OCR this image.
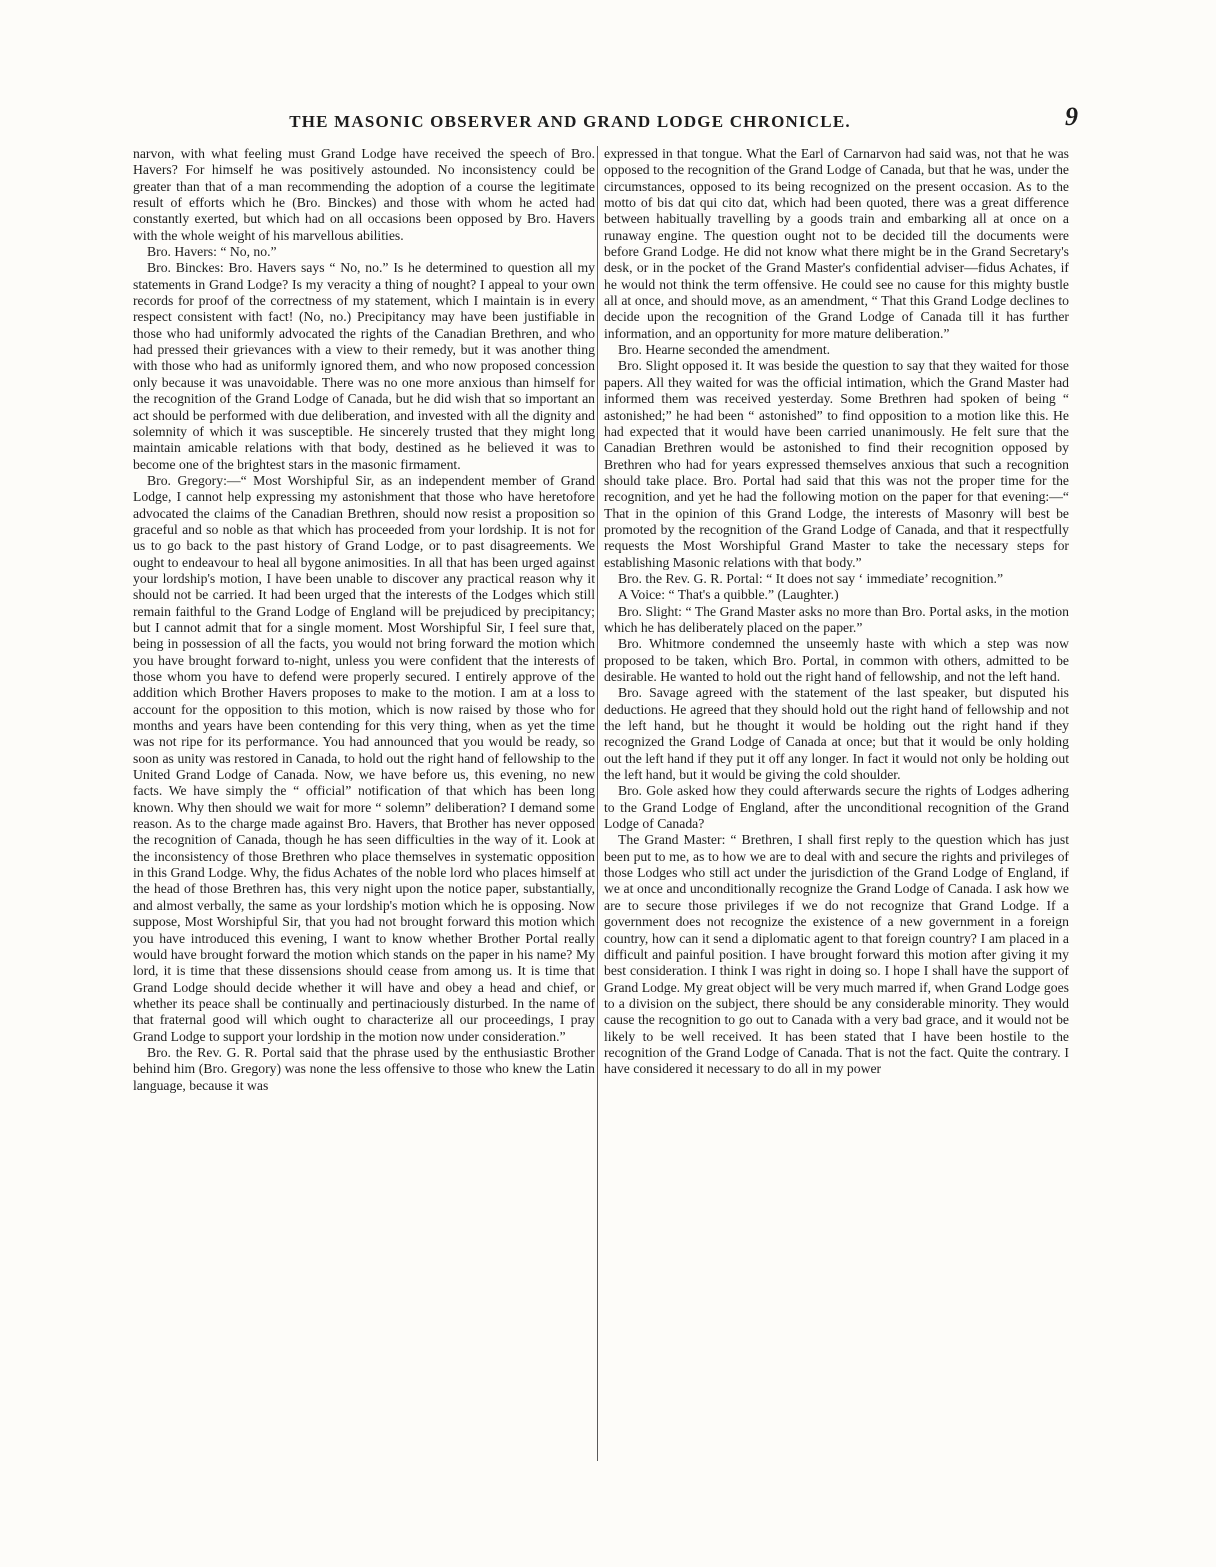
THE MASONIC OBSERVER AND GRAND LODGE CHRONICLE.	9

narvon, with what feeling must Grand Lodge have received the speech of Bro. Havers? For himself he was positively astounded. No inconsistency could be greater than that of a man recommending the adoption of a course the legitimate result of efforts which he (Bro. Binckes) and those with whom he acted had constantly exerted, but which had on all occasions been opposed by Bro. Havers with the whole weight of his marvellous abilities.

Bro. Havers: “ No, no.”

Bro. Binckes: Bro. Havers says “ No, no.” Is he determined to question all my statements in Grand Lodge? Is my veracity a thing of nought? I appeal to your own records for proof of the correctness of my statement, which I maintain is in every respect consistent with fact! (No, no.) Precipitancy may have been justifiable in those who had uniformly advocated the rights of the Canadian Brethren, and who had pressed their grievances with a view to their remedy, but it was another thing with those who had as uniformly ignored them, and who now proposed concession only because it was unavoidable. There was no one more anxious than himself for the recognition of the Grand Lodge of Canada, but he did wish that so important an act should be performed with due deliberation, and invested with all the dignity and solemnity of which it was susceptible. He sincerely trusted that they might long maintain amicable relations with that body, destined as he believed it was to become one of the brightest stars in the masonic firmament.

Bro. Gregory:—“ Most Worshipful Sir, as an independent member of Grand Lodge, I cannot help expressing my astonishment that those who have heretofore advocated the claims of the Canadian Brethren, should now resist a proposition so graceful and so noble as that which has proceeded from your lordship. It is not for us to go back to the past history of Grand Lodge, or to past disagreements. We ought to endeavour to heal all bygone animosities. In all that has been urged against your lordship's motion, I have been unable to discover any practical reason why it should not be carried. It had been urged that the interests of the Lodges which still remain faithful to the Grand Lodge of England will be prejudiced by precipitancy; but I cannot admit that for a single moment. Most Worshipful Sir, I feel sure that, being in possession of all the facts, you would not bring forward the motion which you have brought forward to-night, unless you were confident that the interests of those whom you have to defend were properly secured. I entirely approve of the addition which Brother Havers proposes to make to the motion. I am at a loss to account for the opposition to this motion, which is now raised by those who for months and years have been contending for this very thing, when as yet the time was not ripe for its performance. You had announced that you would be ready, so soon as unity was restored in Canada, to hold out the right hand of fellowship to the United Grand Lodge of Canada. Now, we have before us, this evening, no new facts. We have simply the “ official” notification of that which has been long known. Why then should we wait for more “ solemn” deliberation? I demand some reason. As to the charge made against Bro. Havers, that Brother has never opposed the recognition of Canada, though he has seen difficulties in the way of it. Look at the inconsistency of those Brethren who place themselves in systematic opposition in this Grand Lodge. Why, the fidus Achates of the noble lord who places himself at the head of those Brethren has, this very night upon the notice paper, substantially, and almost verbally, the same as your lordship's motion which he is opposing. Now suppose, Most Worshipful Sir, that you had not brought forward this motion which you have introduced this evening, I want to know whether Brother Portal really would have brought forward the motion which stands on the paper in his name? My lord, it is time that these dissensions should cease from among us. It is time that Grand Lodge should decide whether it will have and obey a head and chief, or whether its peace shall be continually and pertinaciously disturbed. In the name of that fraternal good will which ought to characterize all our proceedings, I pray Grand Lodge to support your lordship in the motion now under consideration.”

Bro. the Rev. G. R. Portal said that the phrase used by the enthusiastic Brother behind him (Bro. Gregory) was none the less offensive to those who knew the Latin language, because it was

expressed in that tongue. What the Earl of Carnarvon had said was, not that he was opposed to the recognition of the Grand Lodge of Canada, but that he was, under the circumstances, opposed to its being recognized on the present occasion. As to the motto of bis dat qui cito dat, which had been quoted, there was a great difference between habitually travelling by a goods train and embarking all at once on a runaway engine. The question ought not to be decided till the documents were before Grand Lodge. He did not know what there might be in the Grand Secretary's desk, or in the pocket of the Grand Master's confidential adviser—fidus Achates, if he would not think the term offensive. He could see no cause for this mighty bustle all at once, and should move, as an amendment, “ That this Grand Lodge declines to decide upon the recognition of the Grand Lodge of Canada till it has further information, and an opportunity for more mature deliberation.”

Bro. Hearne seconded the amendment.

Bro. Slight opposed it. It was beside the question to say that they waited for those papers. All they waited for was the official intimation, which the Grand Master had informed them was received yesterday. Some Brethren had spoken of being “ astonished;” he had been “ astonished” to find opposition to a motion like this. He had expected that it would have been carried unanimously. He felt sure that the Canadian Brethren would be astonished to find their recognition opposed by Brethren who had for years expressed themselves anxious that such a recognition should take place. Bro. Portal had said that this was not the proper time for the recognition, and yet he had the following motion on the paper for that evening:—“ That in the opinion of this Grand Lodge, the interests of Masonry will best be promoted by the recognition of the Grand Lodge of Canada, and that it respectfully requests the Most Worshipful Grand Master to take the necessary steps for establishing Masonic relations with that body.”

Bro. the Rev. G. R. Portal: “ It does not say ‘ immediate’ recognition.”

A Voice: “ That's a quibble.” (Laughter.)

Bro. Slight: “ The Grand Master asks no more than Bro. Portal asks, in the motion which he has deliberately placed on the paper.”

Bro. Whitmore condemned the unseemly haste with which a step was now proposed to be taken, which Bro. Portal, in common with others, admitted to be desirable. He wanted to hold out the right hand of fellowship, and not the left hand.

Bro. Savage agreed with the statement of the last speaker, but disputed his deductions. He agreed that they should hold out the right hand of fellowship and not the left hand, but he thought it would be holding out the right hand if they recognized the Grand Lodge of Canada at once; but that it would be only holding out the left hand if they put it off any longer. In fact it would not only be holding out the left hand, but it would be giving the cold shoulder.

Bro. Gole asked how they could afterwards secure the rights of Lodges adhering to the Grand Lodge of England, after the unconditional recognition of the Grand Lodge of Canada?

The Grand Master: “ Brethren, I shall first reply to the question which has just been put to me, as to how we are to deal with and secure the rights and privileges of those Lodges who still act under the jurisdiction of the Grand Lodge of England, if we at once and unconditionally recognize the Grand Lodge of Canada. I ask how we are to secure those privileges if we do not recognize that Grand Lodge. If a government does not recognize the existence of a new government in a foreign country, how can it send a diplomatic agent to that foreign country? I am placed in a difficult and painful position. I have brought forward this motion after giving it my best consideration. I think I was right in doing so. I hope I shall have the support of Grand Lodge. My great object will be very much marred if, when Grand Lodge goes to a division on the subject, there should be any considerable minority. They would cause the recognition to go out to Canada with a very bad grace, and it would not be likely to be well received. It has been stated that I have been hostile to the recognition of the Grand Lodge of Canada. That is not the fact. Quite the contrary. I have considered it necessary to do all in my power
